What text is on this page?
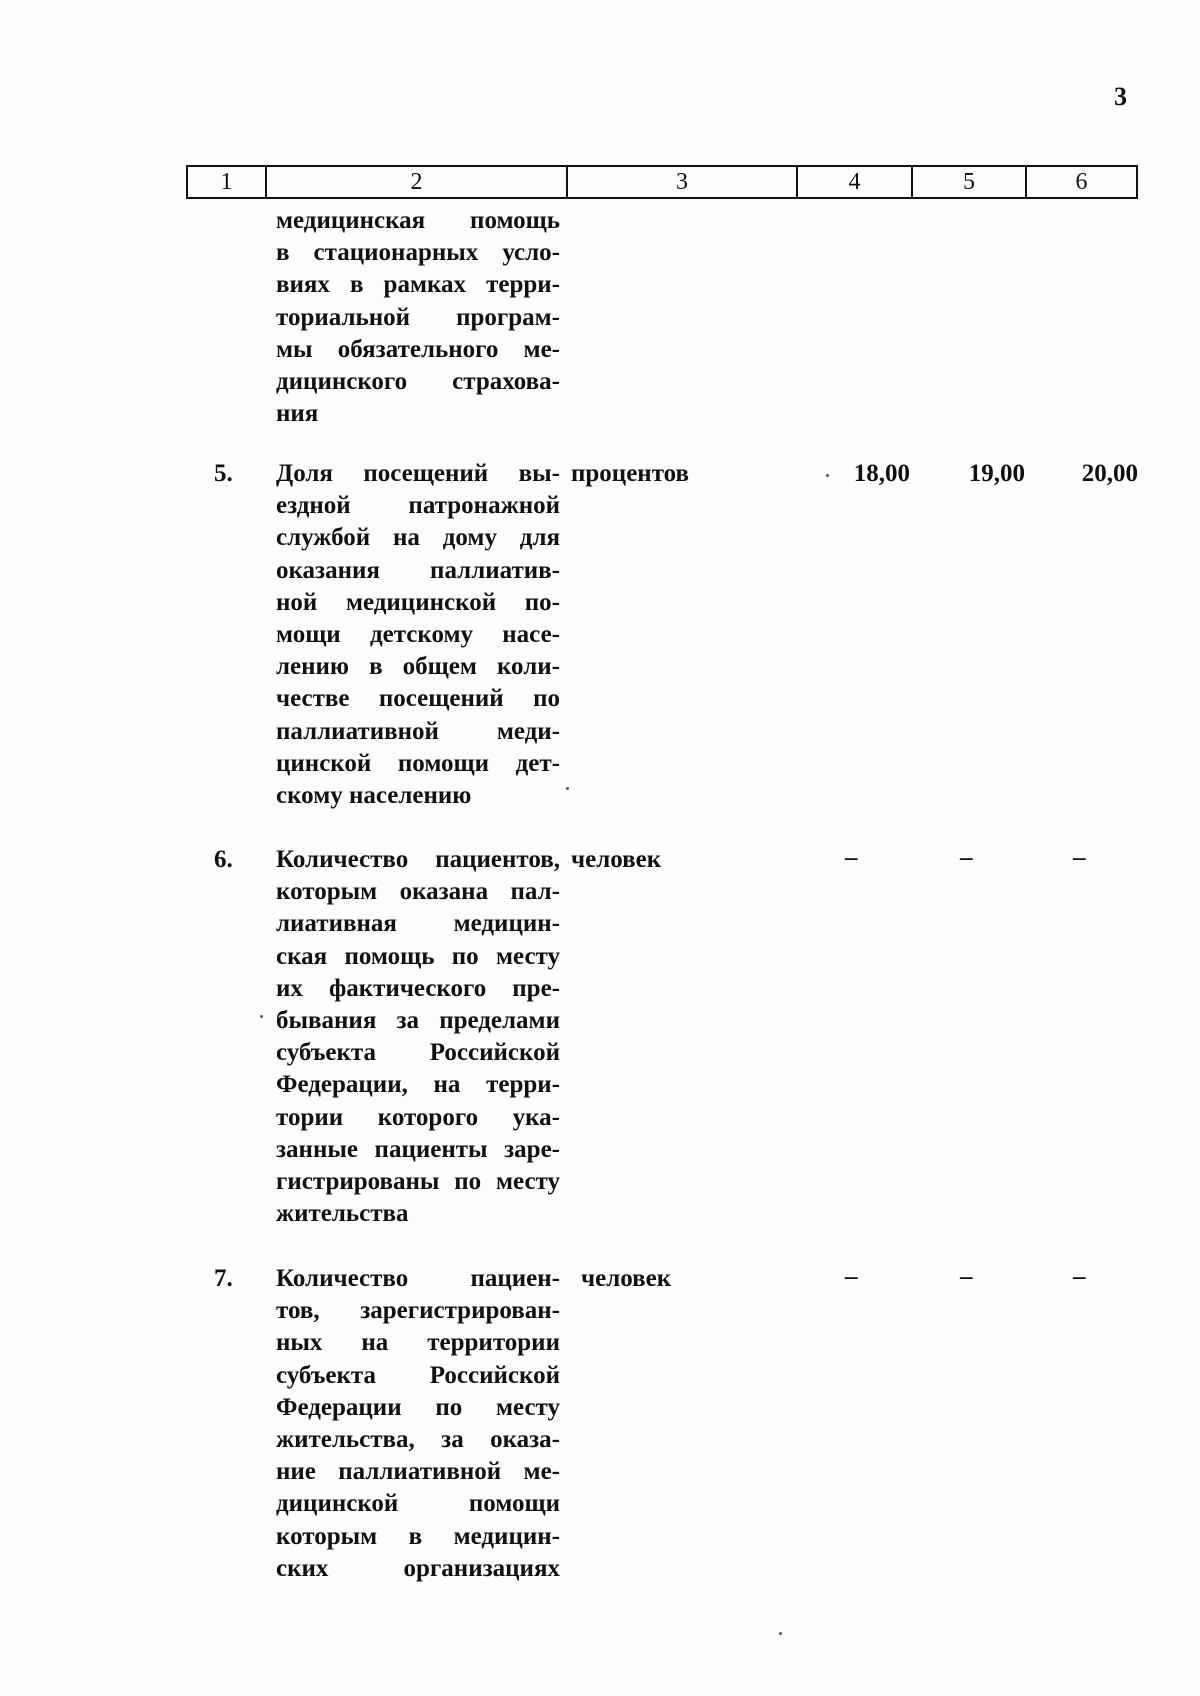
3
1	2	3	4	5	6
медицинская помощь
в стационарных усло-
виях в рамках терри-
ториальной програм-
мы обязательного ме-
дицинского страхова-
ния
5. Доля посещений вы-
ездной патронажной
службой на дому для
оказания паллиатив-
ной медицинской по-
мощи детскому насе-
лению в общем коли-
честве посещений по
паллиативной меди-
цинской помощи дет-
скому населению
процентов	18,00	19,00	20,00
6. Количество пациентов,
которым оказана пал-
лиативная медицин-
ская помощь по месту
их фактического пре-
бывания за пределами
субъекта Российской
Федерации, на терри-
тории которого ука-
занные пациенты заре-
гистрированы по месту
жительства
человек	–	–	–
7. Количество пациен-
тов, зарегистрирован-
ных на территории
субъекта Российской
Федерации по месту
жительства, за оказа-
ние паллиативной ме-
дицинской помощи
которым в медицин-
ских организациях
человек	–	–	–
